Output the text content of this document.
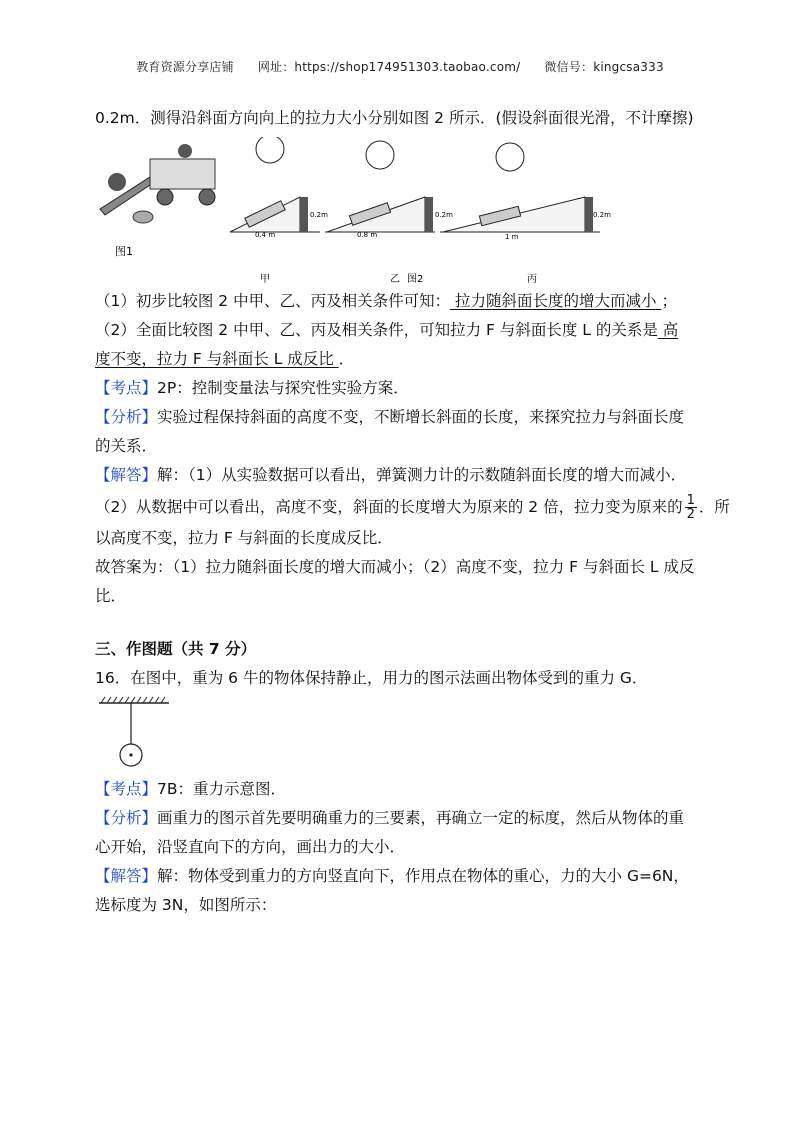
教育资源分享店铺 网址：https://shop174951303.taobao.com/ 微信号：kingcsa333
0.2m．测得沿斜面方向向上的拉力大小分别如图 2 所示．(假设斜面很光滑，不计摩擦)
图1
0.2m
0.4 m
0.2m
0.8 m
0.2m
1 m
甲	乙 图2	丙
（1）初步比较图 2 中甲、乙、丙及相关条件可知： 拉力随斜面长度的增大而减小 ；
（2）全面比较图 2 中甲、乙、丙及相关条件，可知拉力 F 与斜面长度 L 的关系是 高
度不变，拉力 F 与斜面长 L 成反比 ．
【考点】2P：控制变量法与探究性实验方案．
【分析】实验过程保持斜面的高度不变，不断增长斜面的长度，来探究拉力与斜面长度
的关系．
【解答】解：（1）从实验数据可以看出，弹簧测力计的示数随斜面长度的增大而减小．
（2）从数据中可以看出，高度不变，斜面的长度增大为原来的 2 倍，拉力变为原来的 $\frac{1}{2}$ ．所
以高度不变，拉力 F 与斜面的长度成反比．
故答案为：（1）拉力随斜面长度的增大而减小；（2）高度不变，拉力 F 与斜面长 L 成反
比．
三、作图题（共 7 分）
16．在图中，重为 6 牛的物体保持静止，用力的图示法画出物体受到的重力 G．
【考点】7B：重力示意图．
【分析】画重力的图示首先要明确重力的三要素，再确立一定的标度，然后从物体的重
心开始，沿竖直向下的方向，画出力的大小．
【解答】解：物体受到重力的方向竖直向下，作用点在物体的重心，力的大小 G=6N，
选标度为 3N，如图所示：
